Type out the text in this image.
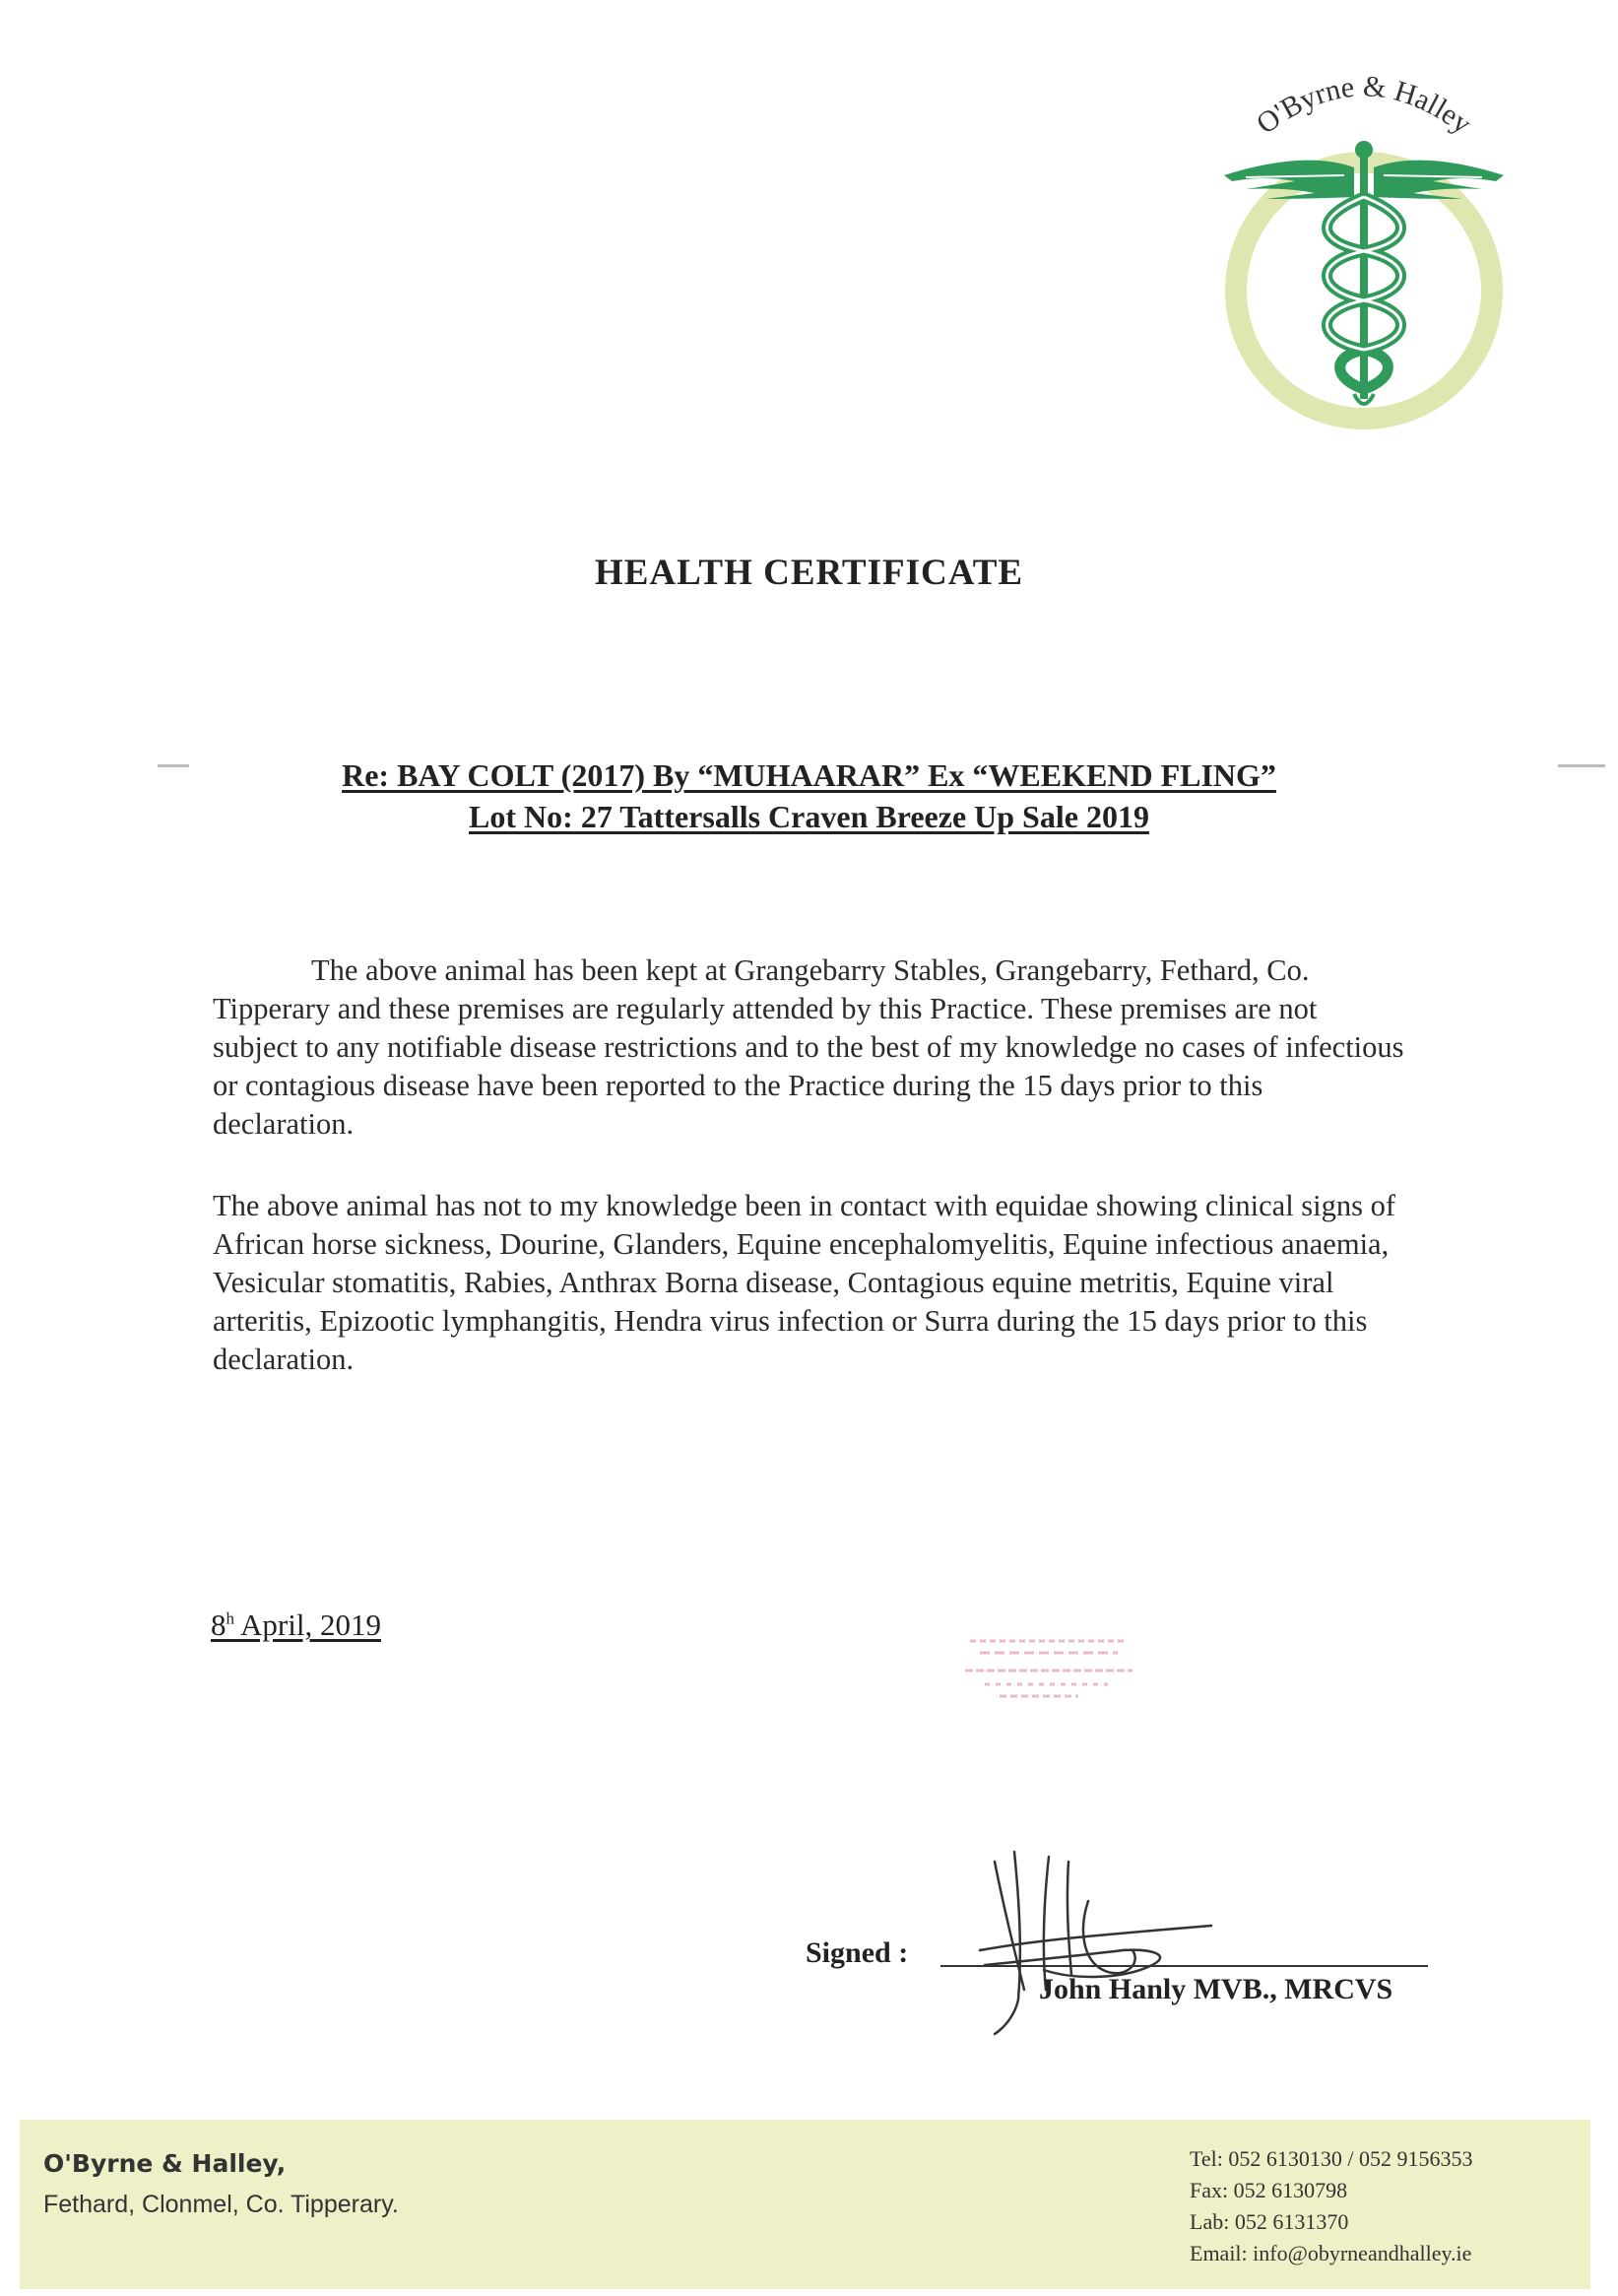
O'Byrne & Halley
HEALTH CERTIFICATE
Re: BAY COLT (2017) By “MUHAARAR” Ex “WEEKEND FLING”
Lot No: 27 Tattersalls Craven Breeze Up Sale 2019
The above animal has been kept at Grangebarry Stables, Grangebarry, Fethard, Co. Tipperary and these premises are regularly attended by this Practice. These premises are not subject to any notifiable disease restrictions and to the best of my knowledge no cases of infectious or contagious disease have been reported to the Practice during the 15 days prior to this declaration.
The above animal has not to my knowledge been in contact with equidae showing clinical signs of African horse sickness, Dourine, Glanders, Equine encephalomyelitis, Equine infectious anaemia, Vesicular stomatitis, Rabies, Anthrax Borna disease, Contagious equine metritis, Equine viral arteritis, Epizootic lymphangitis, Hendra virus infection or Surra during the 15 days prior to this declaration.
8$^h$ April, 2019
Signed :
John Hanly MVB., MRCVS
O'Byrne & Halley,
Fethard, Clonmel, Co. Tipperary.
Tel: 052 6130130 / 052 9156353
Fax: 052 6130798
Lab: 052 6131370
Email: info@obyrneandhalley.ie
